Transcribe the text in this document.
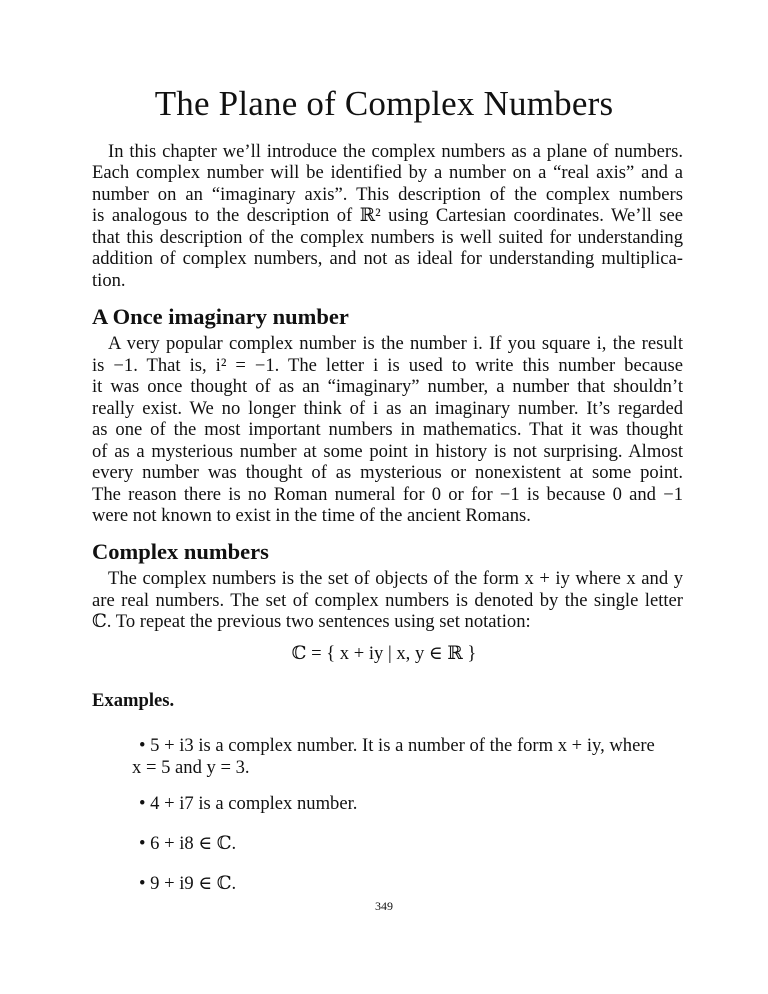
The Plane of Complex Numbers
In this chapter we’ll introduce the complex numbers as a plane of numbers.
Each complex number will be identified by a number on a “real axis” and a
number on an “imaginary axis”. This description of the complex numbers
is analogous to the description of ℝ² using Cartesian coordinates. We’ll see
that this description of the complex numbers is well suited for understanding
addition of complex numbers, and not as ideal for understanding multiplica-
tion.
A Once imaginary number
A very popular complex number is the number i. If you square i, the result
is −1. That is, i² = −1. The letter i is used to write this number because
it was once thought of as an “imaginary” number, a number that shouldn’t
really exist. We no longer think of i as an imaginary number. It’s regarded
as one of the most important numbers in mathematics. That it was thought
of as a mysterious number at some point in history is not surprising. Almost
every number was thought of as mysterious or nonexistent at some point.
The reason there is no Roman numeral for 0 or for −1 is because 0 and −1
were not known to exist in the time of the ancient Romans.
Complex numbers
The complex numbers is the set of objects of the form x + iy where x and y
are real numbers. The set of complex numbers is denoted by the single letter
ℂ. To repeat the previous two sentences using set notation:
ℂ = { x + iy | x, y ∈ ℝ }
Examples.
• 5 + i3 is a complex number. It is a number of the form x + iy, where
x = 5 and y = 3.
• 4 + i7 is a complex number.
• 6 + i8 ∈ ℂ.
• 9 + i9 ∈ ℂ.
349
